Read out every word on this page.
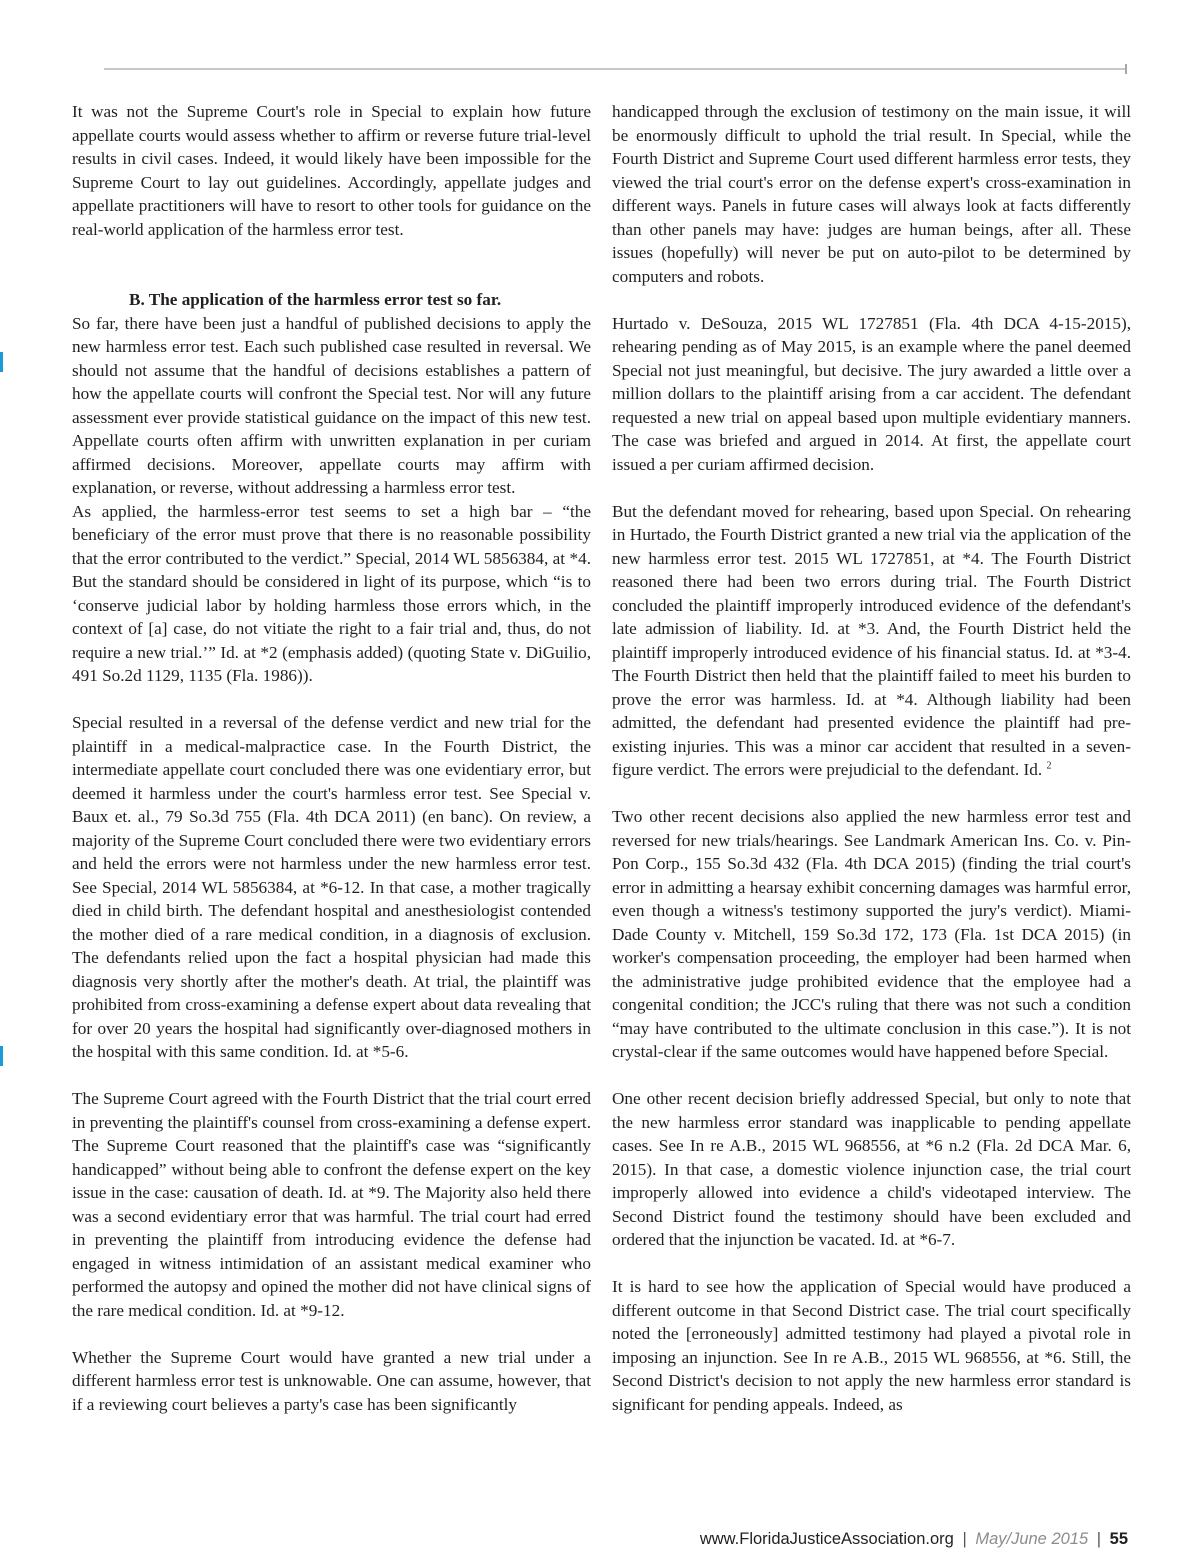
It was not the Supreme Court's role in Special to explain how future appellate courts would assess whether to affirm or reverse future trial-level results in civil cases. Indeed, it would likely have been impossible for the Supreme Court to lay out guidelines. Accordingly, appellate judges and appellate practitioners will have to resort to other tools for guidance on the real-world application of the harmless error test.

B. The application of the harmless error test so far.

So far, there have been just a handful of published decisions to apply the new harmless error test. Each such published case resulted in reversal. We should not assume that the handful of decisions establishes a pattern of how the appellate courts will confront the Special test. Nor will any future assessment ever provide statistical guidance on the impact of this new test. Appellate courts often affirm with unwritten explanation in per curiam affirmed decisions. Moreover, appellate courts may affirm with explanation, or reverse, without addressing a harmless error test.

As applied, the harmless-error test seems to set a high bar – “the beneficiary of the error must prove that there is no reasonable possibility that the error contributed to the verdict.” Special, 2014 WL 5856384, at *4. But the standard should be considered in light of its purpose, which “is to ‘conserve judicial labor by holding harmless those errors which, in the context of [a] case, do not vitiate the right to a fair trial and, thus, do not require a new trial.’” Id. at *2 (emphasis added) (quoting State v. DiGuilio, 491 So.2d 1129, 1135 (Fla. 1986)).

Special resulted in a reversal of the defense verdict and new trial for the plaintiff in a medical-malpractice case. In the Fourth District, the intermediate appellate court concluded there was one evidentiary error, but deemed it harmless under the court's harmless error test. See Special v. Baux et. al., 79 So.3d 755 (Fla. 4th DCA 2011) (en banc). On review, a majority of the Supreme Court concluded there were two evidentiary errors and held the errors were not harmless under the new harmless error test. See Special, 2014 WL 5856384, at *6-12. In that case, a mother tragically died in child birth. The defendant hospital and anesthesiologist contended the mother died of a rare medical condition, in a diagnosis of exclusion. The defendants relied upon the fact a hospital physician had made this diagnosis very shortly after the mother's death. At trial, the plaintiff was prohibited from cross-examining a defense expert about data revealing that for over 20 years the hospital had significantly over-diagnosed mothers in the hospital with this same condition. Id. at *5-6.

The Supreme Court agreed with the Fourth District that the trial court erred in preventing the plaintiff's counsel from cross-examining a defense expert. The Supreme Court reasoned that the plaintiff's case was “significantly handicapped” without being able to confront the defense expert on the key issue in the case: causation of death. Id. at *9. The Majority also held there was a second evidentiary error that was harmful. The trial court had erred in preventing the plaintiff from introducing evidence the defense had engaged in witness intimidation of an assistant medical examiner who performed the autopsy and opined the mother did not have clinical signs of the rare medical condition. Id. at *9-12.

Whether the Supreme Court would have granted a new trial under a different harmless error test is unknowable. One can assume, however, that if a reviewing court believes a party's case has been significantly

handicapped through the exclusion of testimony on the main issue, it will be enormously difficult to uphold the trial result. In Special, while the Fourth District and Supreme Court used different harmless error tests, they viewed the trial court's error on the defense expert's cross-examination in different ways. Panels in future cases will always look at facts differently than other panels may have: judges are human beings, after all. These issues (hopefully) will never be put on auto-pilot to be determined by computers and robots.

Hurtado v. DeSouza, 2015 WL 1727851 (Fla. 4th DCA 4-15-2015), rehearing pending as of May 2015, is an example where the panel deemed Special not just meaningful, but decisive. The jury awarded a little over a million dollars to the plaintiff arising from a car accident. The defendant requested a new trial on appeal based upon multiple evidentiary manners. The case was briefed and argued in 2014. At first, the appellate court issued a per curiam affirmed decision.

But the defendant moved for rehearing, based upon Special. On rehearing in Hurtado, the Fourth District granted a new trial via the application of the new harmless error test. 2015 WL 1727851, at *4. The Fourth District reasoned there had been two errors during trial. The Fourth District concluded the plaintiff improperly introduced evidence of the defendant's late admission of liability. Id. at *3. And, the Fourth District held the plaintiff improperly introduced evidence of his financial status. Id. at *3-4. The Fourth District then held that the plaintiff failed to meet his burden to prove the error was harmless. Id. at *4. Although liability had been admitted, the defendant had presented evidence the plaintiff had pre-existing injuries. This was a minor car accident that resulted in a seven-figure verdict. The errors were prejudicial to the defendant. Id. $^2$

Two other recent decisions also applied the new harmless error test and reversed for new trials/hearings. See Landmark American Ins. Co. v. Pin-Pon Corp., 155 So.3d 432 (Fla. 4th DCA 2015) (finding the trial court's error in admitting a hearsay exhibit concerning damages was harmful error, even though a witness's testimony supported the jury's verdict). Miami-Dade County v. Mitchell, 159 So.3d 172, 173 (Fla. 1st DCA 2015) (in worker's compensation proceeding, the employer had been harmed when the administrative judge prohibited evidence that the employee had a congenital condition; the JCC's ruling that there was not such a condition “may have contributed to the ultimate conclusion in this case.”). It is not crystal-clear if the same outcomes would have happened before Special.

One other recent decision briefly addressed Special, but only to note that the new harmless error standard was inapplicable to pending appellate cases. See In re A.B., 2015 WL 968556, at *6 n.2 (Fla. 2d DCA Mar. 6, 2015). In that case, a domestic violence injunction case, the trial court improperly allowed into evidence a child's videotaped interview. The Second District found the testimony should have been excluded and ordered that the injunction be vacated. Id. at *6-7.

It is hard to see how the application of Special would have produced a different outcome in that Second District case. The trial court specifically noted the [erroneously] admitted testimony had played a pivotal role in imposing an injunction. See In re A.B., 2015 WL 968556, at *6. Still, the Second District's decision to not apply the new harmless error standard is significant for pending appeals. Indeed, as

www.FloridaJusticeAssociation.org | May/June 2015 | 55
